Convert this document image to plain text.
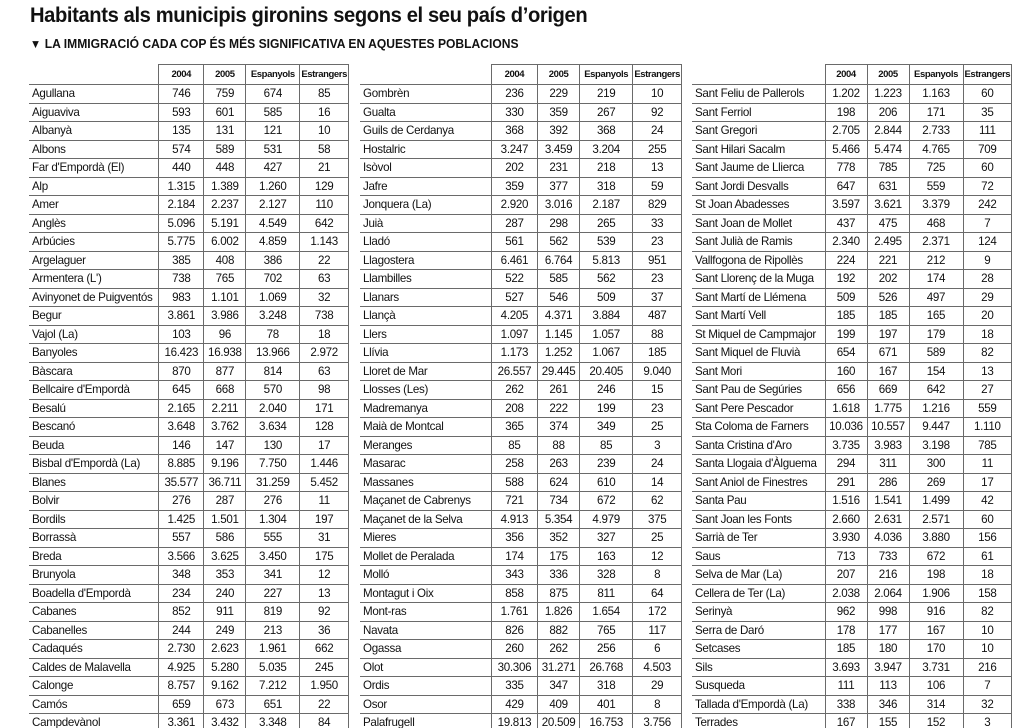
Habitants als municipis gironins segons el seu país d’origen
▼ LA IMMIGRACIÓ CADA COP ÉS MÉS SIGNIFICATIVA EN AQUESTES POBLACIONS
	2004	2005	Espanyols	Estrangers
Agullana	746	759	674	85
Aiguaviva	593	601	585	16
Albanyà	135	131	121	10
Albons	574	589	531	58
Far d'Empordà (El)	440	448	427	21
Alp	1.315	1.389	1.260	129
Amer	2.184	2.237	2.127	110
Anglès	5.096	5.191	4.549	642
Arbúcies	5.775	6.002	4.859	1.143
Argelaguer	385	408	386	22
Armentera (L')	738	765	702	63
Avinyonet de Puigventós	983	1.101	1.069	32
Begur	3.861	3.986	3.248	738
Vajol (La)	103	96	78	18
Banyoles	16.423	16.938	13.966	2.972
Bàscara	870	877	814	63
Bellcaire d'Empordà	645	668	570	98
Besalú	2.165	2.211	2.040	171
Bescanó	3.648	3.762	3.634	128
Beuda	146	147	130	17
Bisbal d'Empordà (La)	8.885	9.196	7.750	1.446
Blanes	35.577	36.711	31.259	5.452
Bolvir	276	287	276	11
Bordils	1.425	1.501	1.304	197
Borrassà	557	586	555	31
Breda	3.566	3.625	3.450	175
Brunyola	348	353	341	12
Boadella d'Empordà	234	240	227	13
Cabanes	852	911	819	92
Cabanelles	244	249	213	36
Cadaqués	2.730	2.623	1.961	662
Caldes de Malavella	4.925	5.280	5.035	245
Calonge	8.757	9.162	7.212	1.950
Camós	659	673	651	22
Campdevànol	3.361	3.432	3.348	84
	2004	2005	Espanyols	Estrangers
Gombrèn	236	229	219	10
Gualta	330	359	267	92
Guils de Cerdanya	368	392	368	24
Hostalric	3.247	3.459	3.204	255
Isòvol	202	231	218	13
Jafre	359	377	318	59
Jonquera (La)	2.920	3.016	2.187	829
Juià	287	298	265	33
Lladó	561	562	539	23
Llagostera	6.461	6.764	5.813	951
Llambilles	522	585	562	23
Llanars	527	546	509	37
Llançà	4.205	4.371	3.884	487
Llers	1.097	1.145	1.057	88
Llívia	1.173	1.252	1.067	185
Lloret de Mar	26.557	29.445	20.405	9.040
Llosses (Les)	262	261	246	15
Madremanya	208	222	199	23
Maià de Montcal	365	374	349	25
Meranges	85	88	85	3
Masarac	258	263	239	24
Massanes	588	624	610	14
Maçanet de Cabrenys	721	734	672	62
Maçanet de la Selva	4.913	5.354	4.979	375
Mieres	356	352	327	25
Mollet de Peralada	174	175	163	12
Molló	343	336	328	8
Montagut i Oix	858	875	811	64
Mont-ras	1.761	1.826	1.654	172
Navata	826	882	765	117
Ogassa	260	262	256	6
Olot	30.306	31.271	26.768	4.503
Ordis	335	347	318	29
Osor	429	409	401	8
Palafrugell	19.813	20.509	16.753	3.756
	2004	2005	Espanyols	Estrangers
Sant Feliu de Pallerols	1.202	1.223	1.163	60
Sant Ferriol	198	206	171	35
Sant Gregori	2.705	2.844	2.733	111
Sant Hilari Sacalm	5.466	5.474	4.765	709
Sant Jaume de Llierca	778	785	725	60
Sant Jordi Desvalls	647	631	559	72
St Joan Abadesses	3.597	3.621	3.379	242
Sant Joan de Mollet	437	475	468	7
Sant Julià de Ramis	2.340	2.495	2.371	124
Vallfogona de Ripollès	224	221	212	9
Sant Llorenç de la Muga	192	202	174	28
Sant Martí de Llémena	509	526	497	29
Sant Martí Vell	185	185	165	20
St Miquel de Campmajor	199	197	179	18
Sant Miquel de Fluvià	654	671	589	82
Sant Mori	160	167	154	13
Sant Pau de Segúries	656	669	642	27
Sant Pere Pescador	1.618	1.775	1.216	559
Sta Coloma de Farners	10.036	10.557	9.447	1.110
Santa Cristina d'Aro	3.735	3.983	3.198	785
Santa Llogaia d'Àlguema	294	311	300	11
Sant Aniol de Finestres	291	286	269	17
Santa Pau	1.516	1.541	1.499	42
Sant Joan les Fonts	2.660	2.631	2.571	60
Sarrià de Ter	3.930	4.036	3.880	156
Saus	713	733	672	61
Selva de Mar (La)	207	216	198	18
Cellera de Ter (La)	2.038	2.064	1.906	158
Serinyà	962	998	916	82
Serra de Daró	178	177	167	10
Setcases	185	180	170	10
Sils	3.693	3.947	3.731	216
Susqueda	111	113	106	7
Tallada d'Empordà (La)	338	346	314	32
Terrades	167	155	152	3
